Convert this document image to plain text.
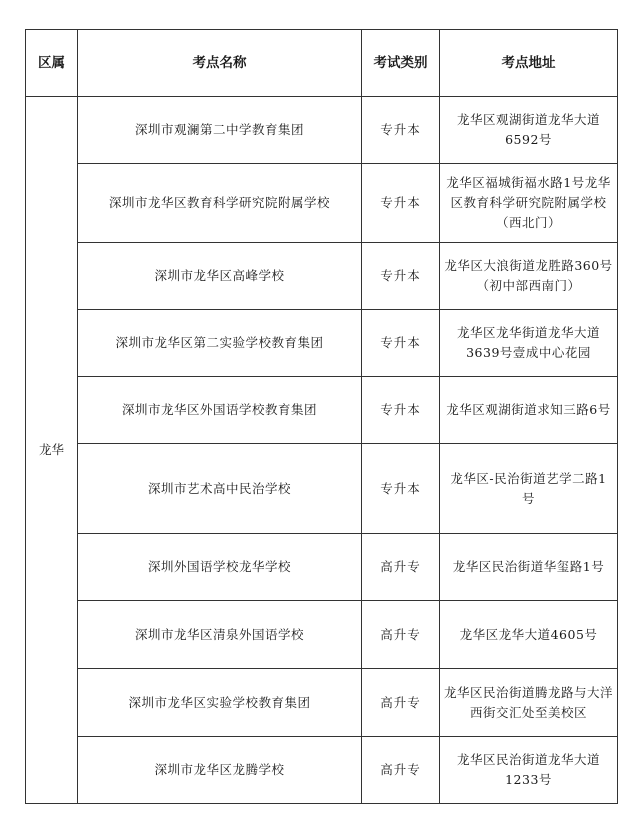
区属	考点名称	考试类别	考点地址
龙华	深圳市观澜第二中学教育集团	专升本	龙华区观湖街道龙华大道6592号
	深圳市龙华区教育科学研究院附属学校	专升本	龙华区福城街福水路1号龙华区教育科学研究院附属学校（西北门）
	深圳市龙华区高峰学校	专升本	龙华区大浪街道龙胜路360号（初中部西南门）
	深圳市龙华区第二实验学校教育集团	专升本	龙华区龙华街道龙华大道3639号壹成中心花园
	深圳市龙华区外国语学校教育集团	专升本	龙华区观湖街道求知三路6号
	深圳市艺术高中民治学校	专升本	龙华区-民治街道艺学二路1号
	深圳外国语学校龙华学校	高升专	龙华区民治街道华玺路1号
	深圳市龙华区清泉外国语学校	高升专	龙华区龙华大道4605号
	深圳市龙华区实验学校教育集团	高升专	龙华区民治街道腾龙路与大洋西街交汇处至美校区
	深圳市龙华区龙腾学校	高升专	龙华区民治街道龙华大道1233号
